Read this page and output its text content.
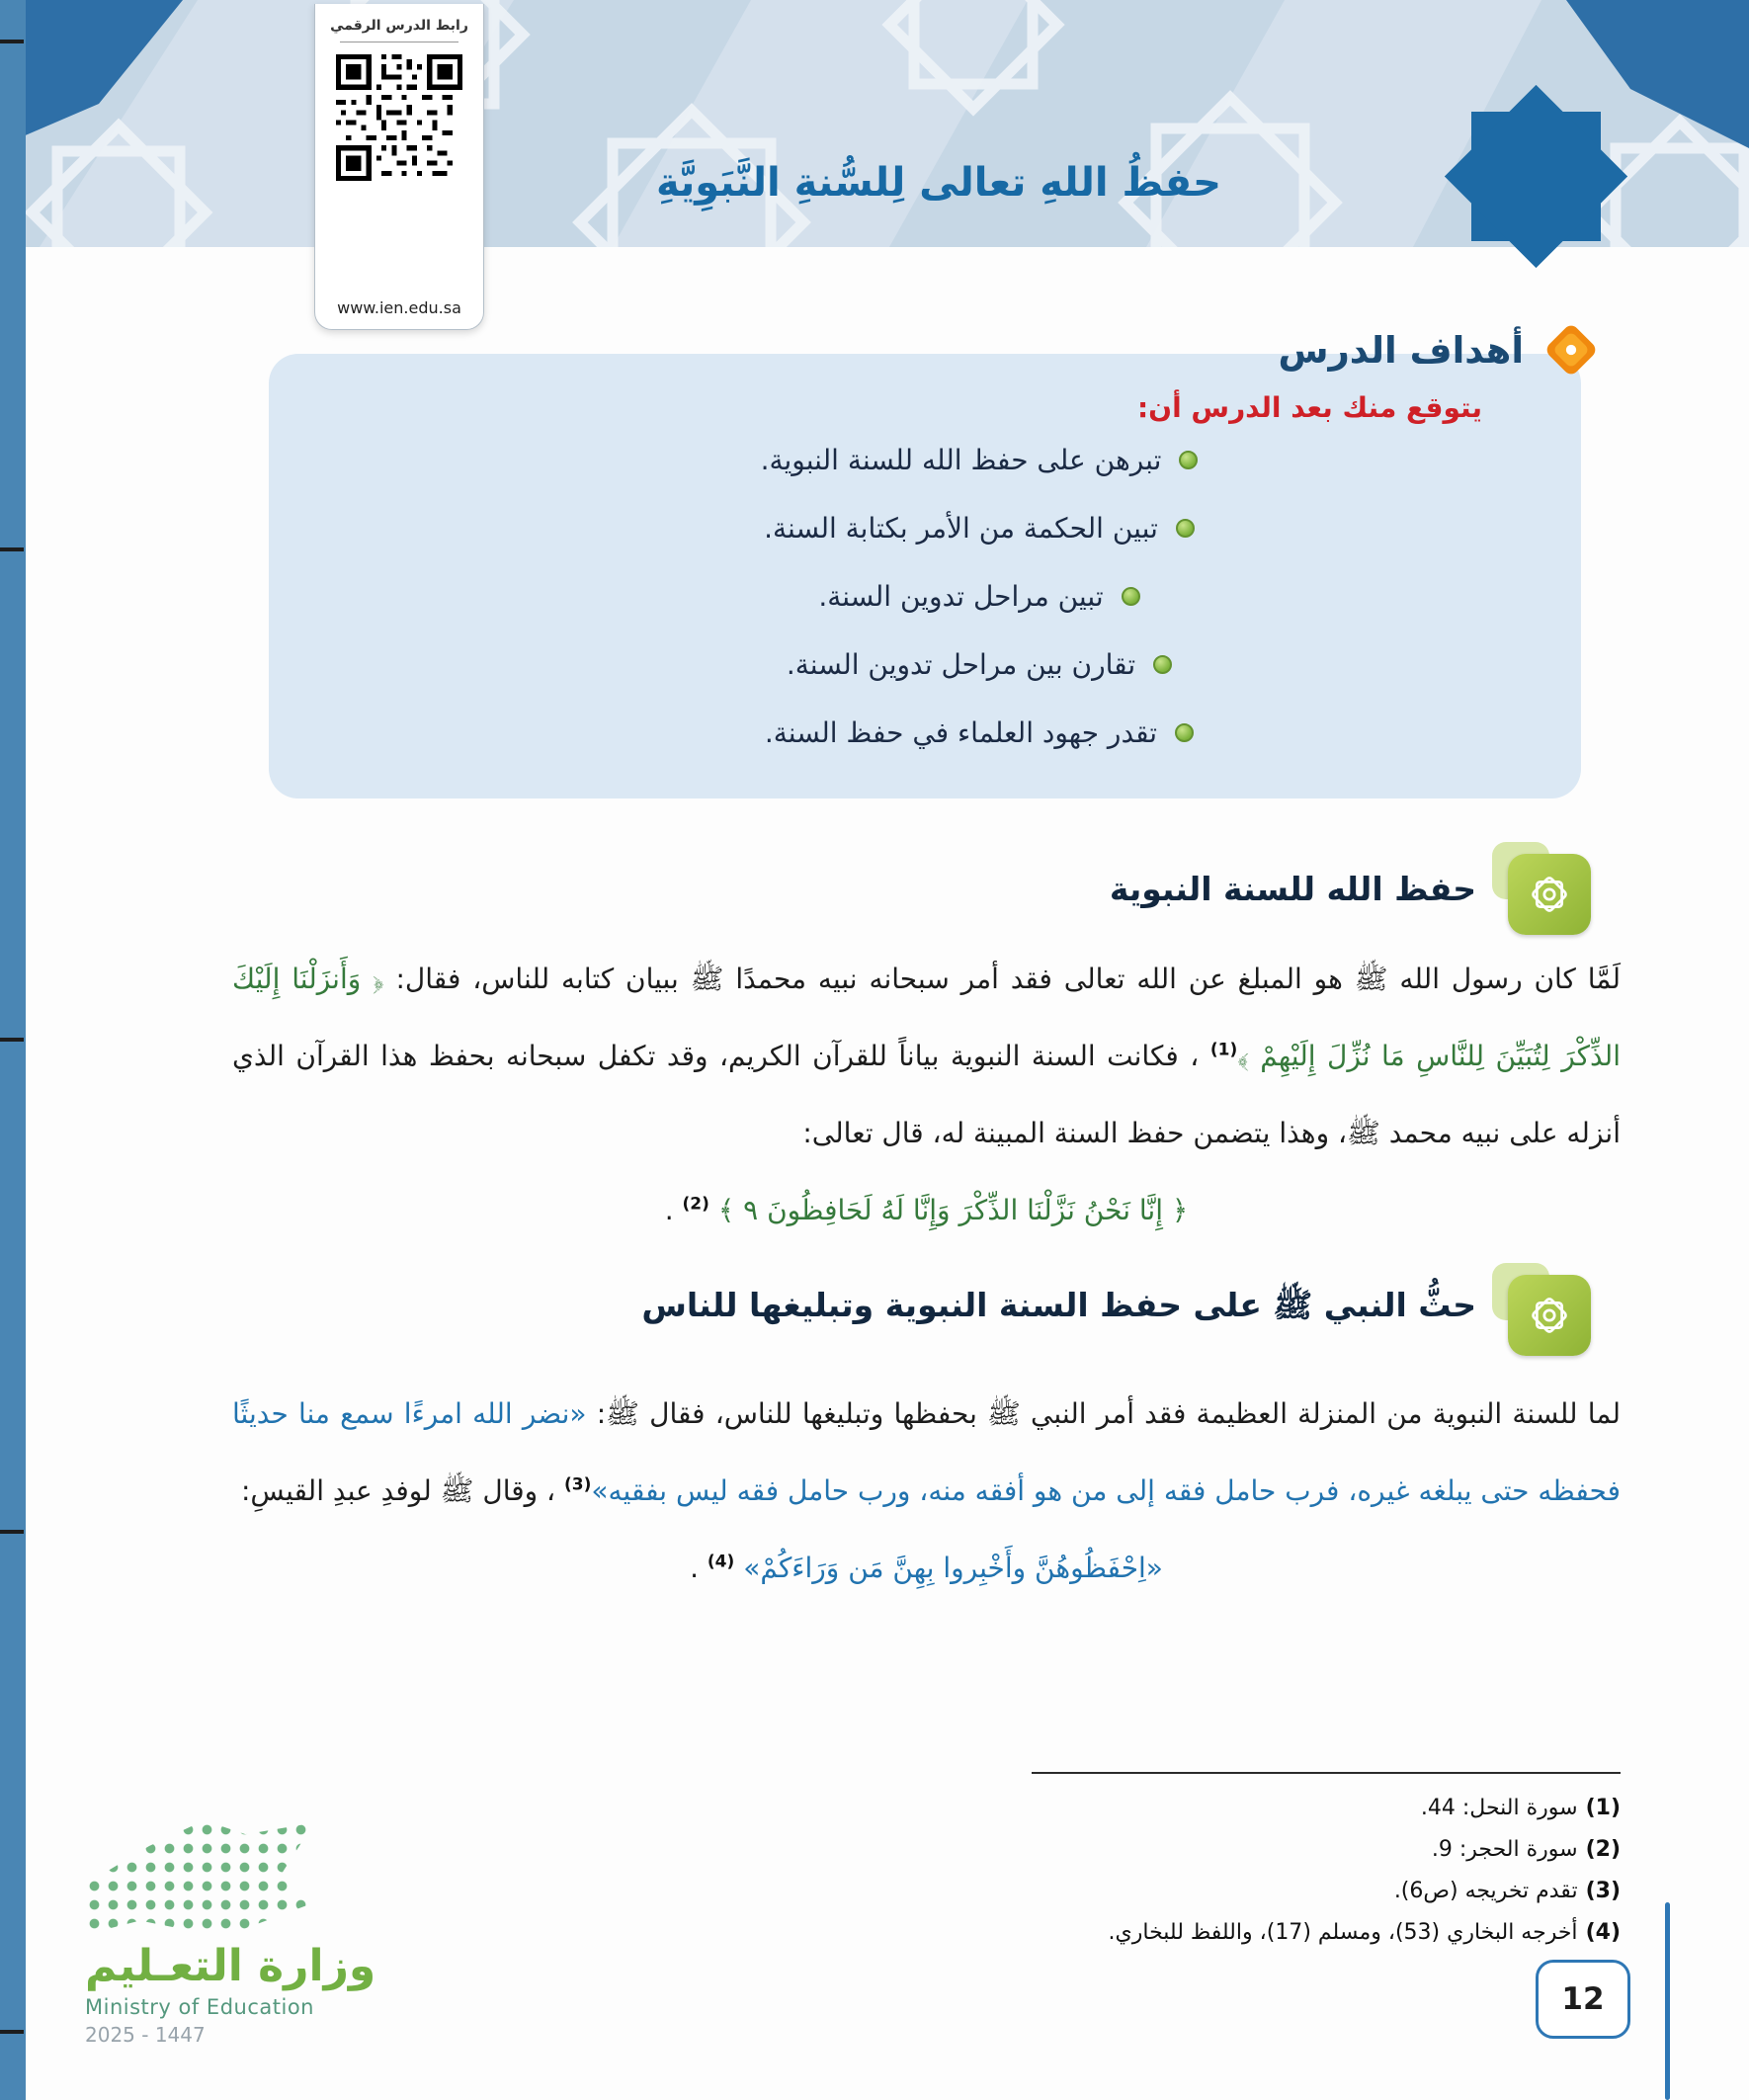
حفظُ اللهِ تعالى لِلسُّنةِ النَّبَوِيَّةِ
رابط الدرس الرقمي
www.ien.edu.sa
أهداف الدرس
يتوقع منك بعد الدرس أن:
تبرهن على حفظ الله للسنة النبوية.
تبين الحكمة من الأمر بكتابة السنة.
تبين مراحل تدوين السنة.
تقارن بين مراحل تدوين السنة.
تقدر جهود العلماء في حفظ السنة.
حفظ الله للسنة النبوية
لَمَّا كان رسول الله ﷺ هو المبلغ عن الله تعالى فقد أمر سبحانه نبيه محمدًا ﷺ ببيان كتابه للناس، فقال: ﴿ وَأَنزَلْنَا إِلَيْكَ الذِّكْرَ لِتُبَيِّنَ لِلنَّاسِ مَا نُزِّلَ إِلَيْهِمْ ﴾$^{(1)}$ ، فكانت السنة النبوية بياناً للقرآن الكريم، وقد تكفل سبحانه بحفظ هذا القرآن الذي أنزله على نبيه محمد ﷺ، وهذا يتضمن حفظ السنة المبينة له، قال تعالى:
﴿ إِنَّا نَحْنُ نَزَّلْنَا الذِّكْرَ وَإِنَّا لَهُ لَحَافِظُونَ ٩ ﴾ $^{(2)}$ .
حثُّ النبي ﷺ على حفظ السنة النبوية وتبليغها للناس
لما للسنة النبوية من المنزلة العظيمة فقد أمر النبي ﷺ بحفظها وتبليغها للناس، فقال ﷺ: «نضر الله امرءًا سمع منا حديثًا فحفظه حتى يبلغه غيره، فرب حامل فقه إلى من هو أفقه منه، ورب حامل فقه ليس بفقيه»$^{(3)}$ ، وقال ﷺ لوفدِ عبدِ القيسِ:
«اِحْفَظُوهُنَّ وأَخْبِروا بِهِنَّ مَن وَرَاءَكُمْ» $^{(4)}$ .
(1)سورة النحل: 44.
(2)سورة الحجر: 9.
(3)تقدم تخريجه (ص6).
(4)أخرجه البخاري (53)، ومسلم (17)، واللفظ للبخاري.
وزارة التعـليم
Ministry of Education
2025 - 1447
12
